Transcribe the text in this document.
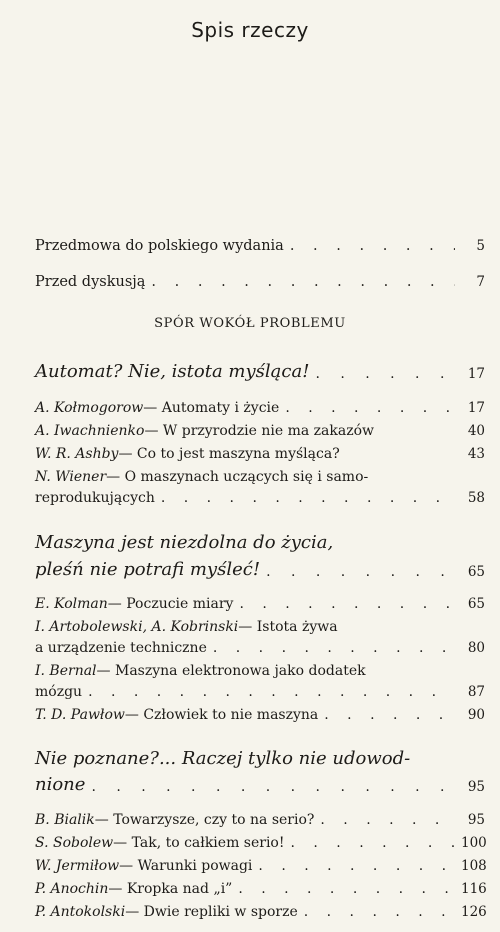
Spis rzeczy
Przedmowa do polskiego wydania . . .	5
Przed dyskusją . . .	7
SPÓR WOKÓŁ PROBLEMU
Automat? Nie, istota myśląca! . . .	17
A. Kołmogorow — Automaty i życie . . .	17
A. Iwachnienko — W przyrodzie nie ma zakazów	40
W. R. Ashby — Co to jest maszyna myśląca?	43
N. Wiener — O maszynach uczących się i samo-
reprodukujących . . .	58
Maszyna jest niezdolna do życia,
pleśń nie potrafi myśleć! . . .	65
E. Kolman — Poczucie miary . . .	65
I. Artobolewski, A. Kobrinski — Istota żywa
a urządzenie techniczne . . .	80
I. Bernal — Maszyna elektronowa jako dodatek
mózgu . . .	87
T. D. Pawłow — Człowiek to nie maszyna . . .	90
Nie poznane?... Raczej tylko nie udowod-
nione . . .	95
B. Bialik — Towarzysze, czy to na serio? . . .	95
S. Sobolew — Tak, to całkiem serio! . . .	100
W. Jermiłow — Warunki powagi . . .	108
P. Anochin — Kropka nad „i” . . .	116
P. Antokolski — Dwie repliki w sporze . . .	126
